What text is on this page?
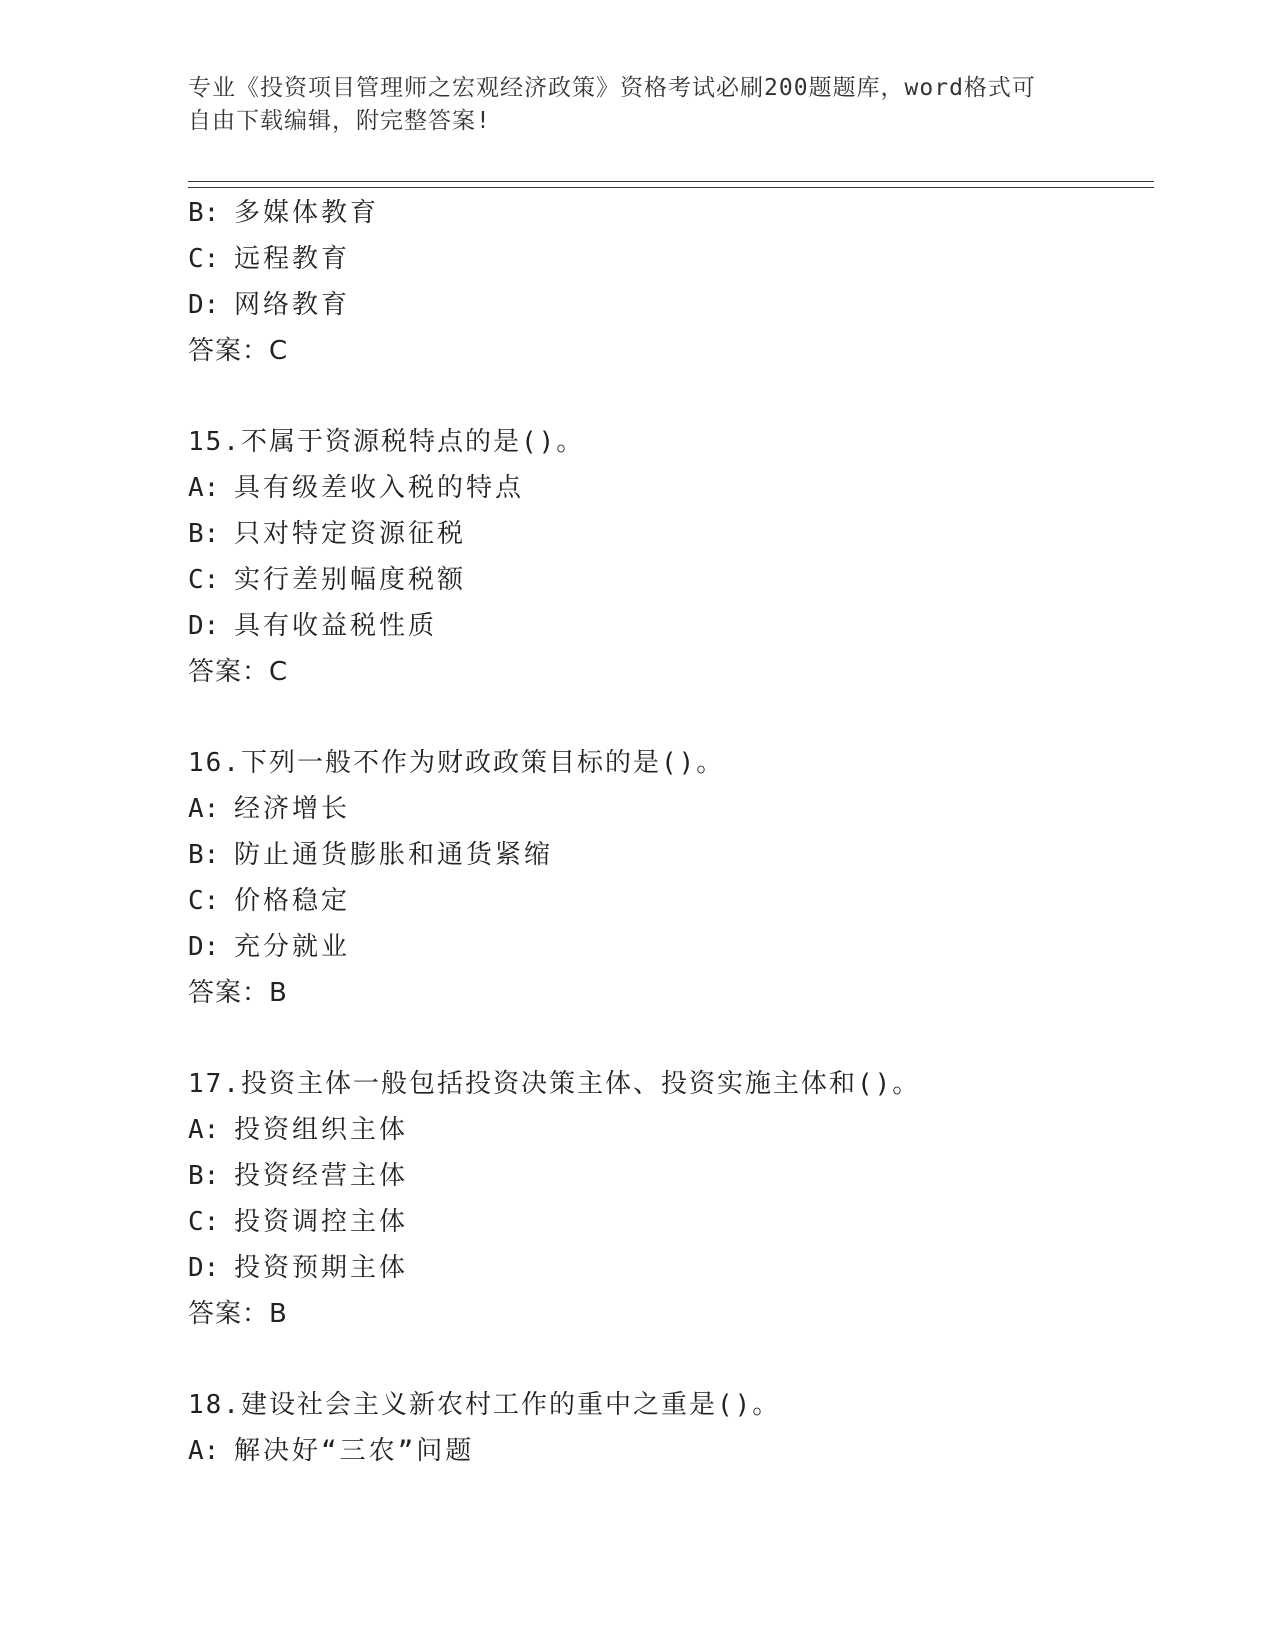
专业《投资项目管理师之宏观经济政策》资格考试必刷200题题库，word格式可
自由下载编辑，附完整答案!
B: 多媒体教育
C: 远程教育
D: 网络教育
答案：C
15.不属于资源税特点的是()。
A: 具有级差收入税的特点
B: 只对特定资源征税
C: 实行差别幅度税额
D: 具有收益税性质
答案：C
16.下列一般不作为财政政策目标的是()。
A: 经济增长
B: 防止通货膨胀和通货紧缩
C: 价格稳定
D: 充分就业
答案：B
17.投资主体一般包括投资决策主体、投资实施主体和()。
A: 投资组织主体
B: 投资经营主体
C: 投资调控主体
D: 投资预期主体
答案：B
18.建设社会主义新农村工作的重中之重是()。
A: 解决好“三农”问题
